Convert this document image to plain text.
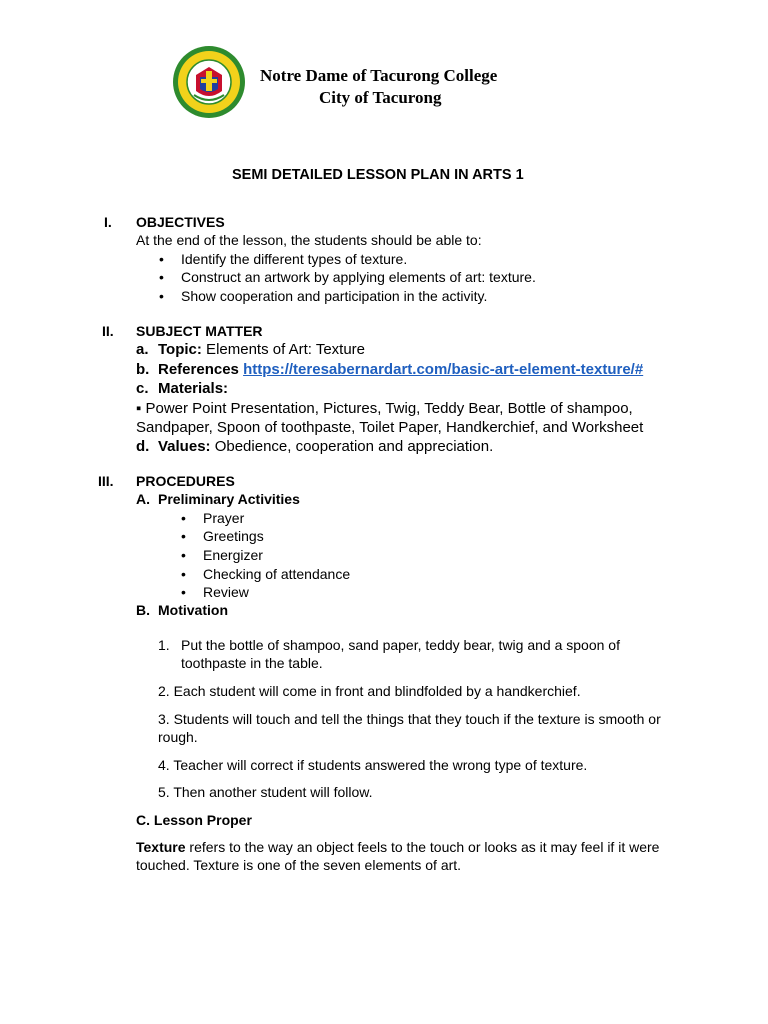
Notre Dame of Tacurong College
City of Tacurong
SEMI DETAILED LESSON PLAN IN ARTS 1
I. OBJECTIVES
At the end of the lesson, the students should be able to:
• Identify the different types of texture.
• Construct an artwork by applying elements of art: texture.
• Show cooperation and participation in the activity.
II. SUBJECT MATTER
a. Topic: Elements of Art: Texture
b. References https://teresabernardart.com/basic-art-element-texture/#
c. Materials:
▪ Power Point Presentation, Pictures, Twig, Teddy Bear, Bottle of shampoo,
Sandpaper, Spoon of toothpaste, Toilet Paper, Handkerchief, and Worksheet
d. Values: Obedience, cooperation and appreciation.
III. PROCEDURES
A. Preliminary Activities
• Prayer
• Greetings
• Energizer
• Checking of attendance
• Review
B. Motivation
1. Put the bottle of shampoo, sand paper, teddy bear, twig and a spoon of
toothpaste in the table.
2. Each student will come in front and blindfolded by a handkerchief.
3. Students will touch and tell the things that they touch if the texture is smooth or
rough.
4. Teacher will correct if students answered the wrong type of texture.
5. Then another student will follow.
C. Lesson Proper
Texture refers to the way an object feels to the touch or looks as it may feel if it were
touched. Texture is one of the seven elements of art.
